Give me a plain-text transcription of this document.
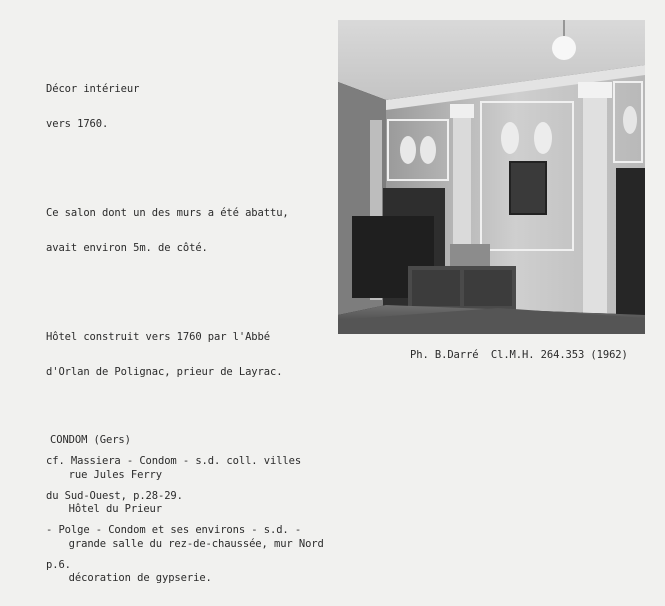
Décor intérieur

vers 1760.

Ce salon dont un des murs a été abattu,

avait environ 5m. de côté.

Hôtel construit vers 1760 par l'Abbé

d'Orlan de Polignac, prieur de Layrac.

cf. Massiera - Condom - s.d. coll. villes

du Sud-Ouest, p.28-29.

- Polge - Condom et ses environs - s.d. -

p.6.

Ph. B.Darré  Cl.M.H. 264.353 (1962)

CONDOM (Gers)

rue Jules Ferry

Hôtel du Prieur

grande salle du rez-de-chaussée, mur Nord

décoration de gypserie.
